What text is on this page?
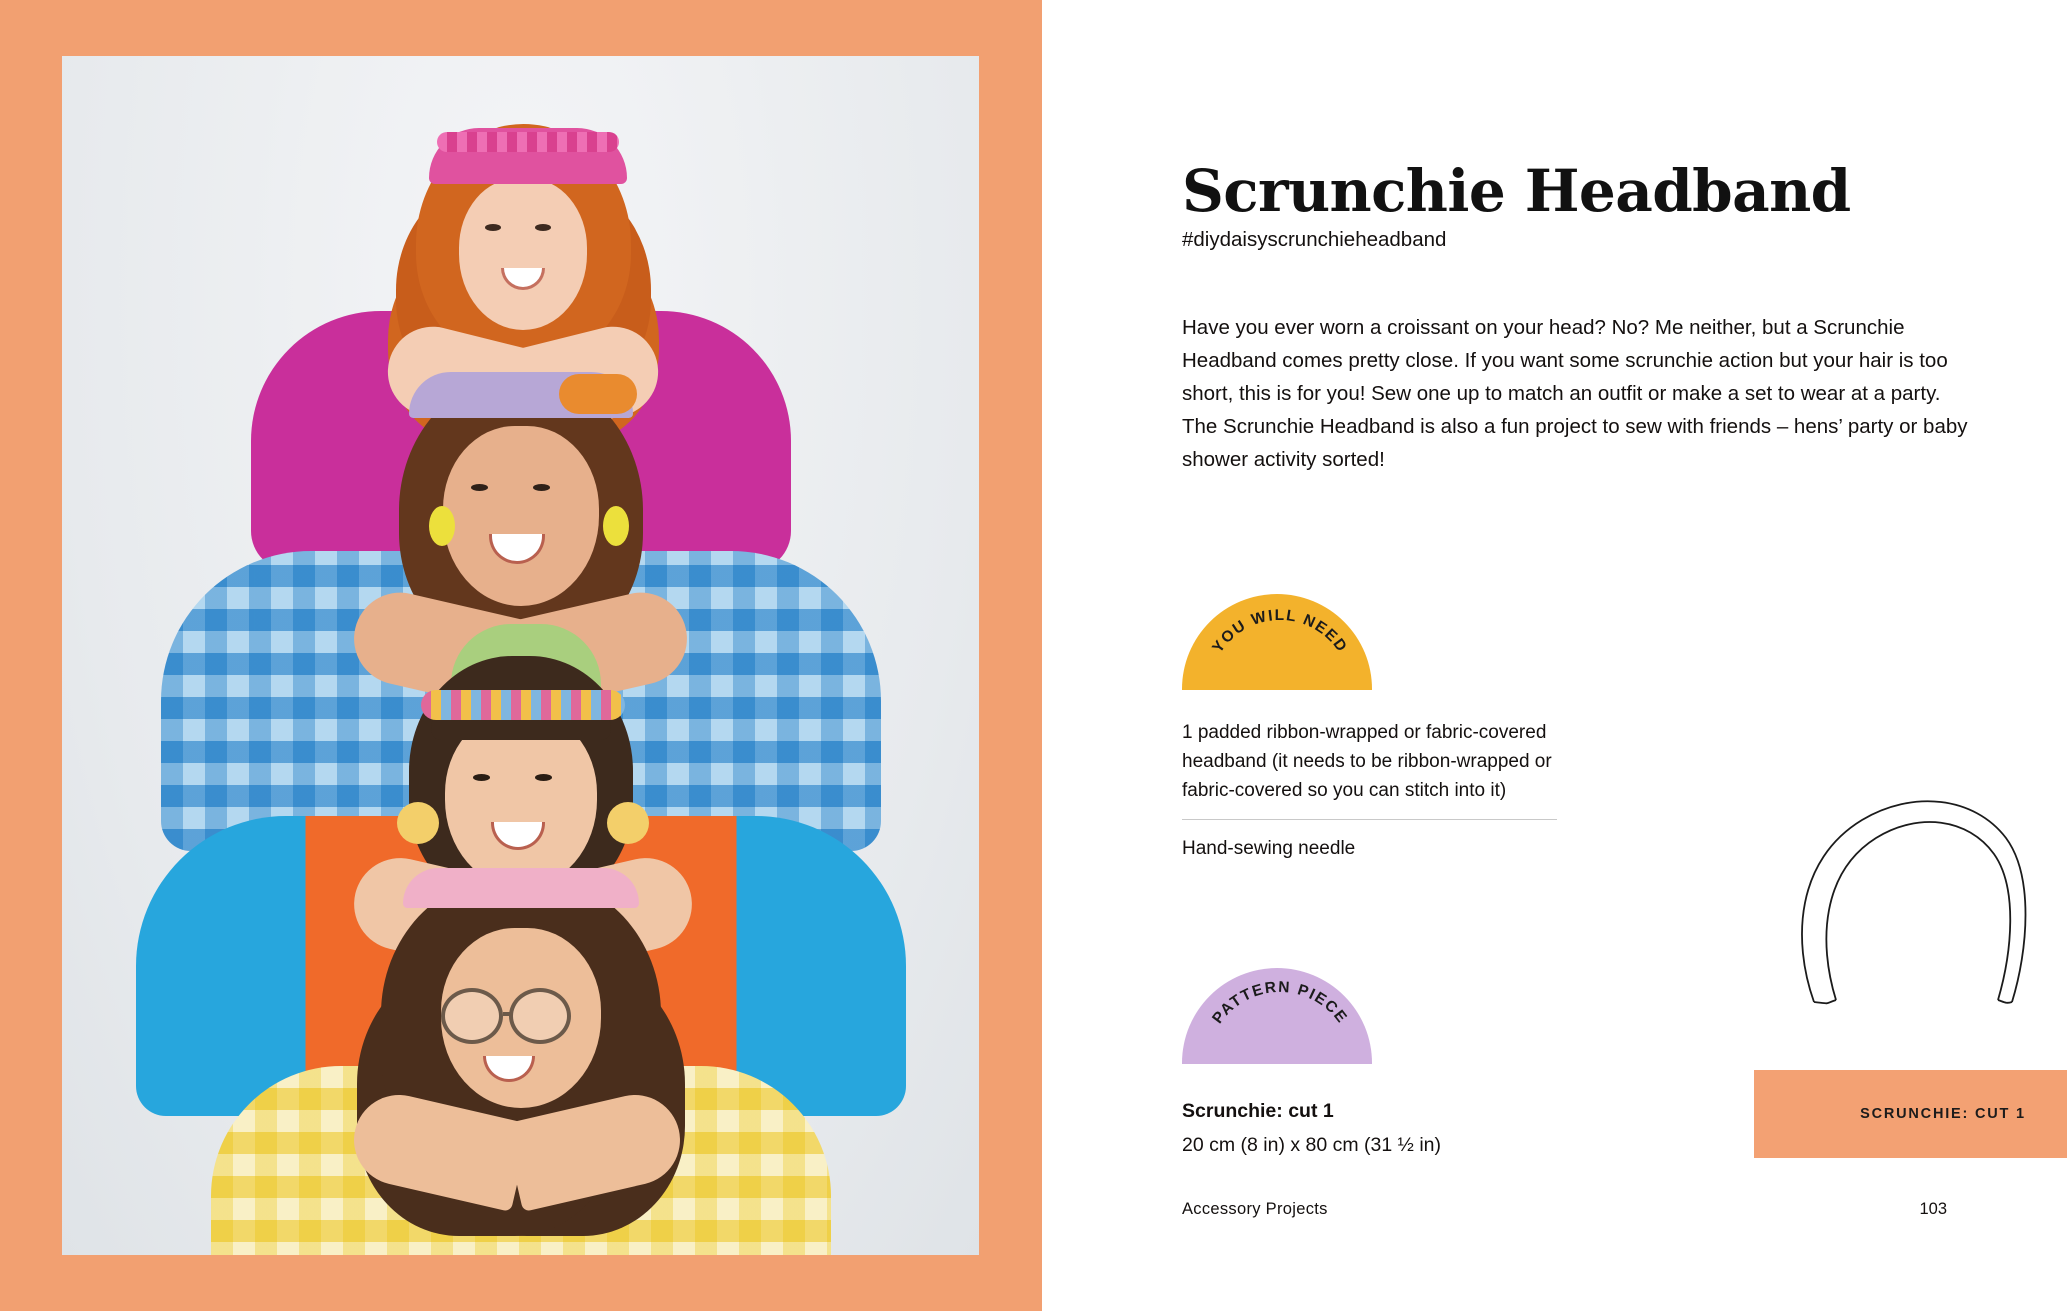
Scrunchie Headband
#diydaisyscrunchieheadband

Have you ever worn a croissant on your head? No? Me neither, but a Scrunchie Headband comes pretty close. If you want some scrunchie action but your hair is too short, this is for you! Sew one up to match an outfit or make a set to wear at a party. The Scrunchie Headband is also a fun project to sew with friends – hens’ party or baby shower activity sorted!

YOU WILL NEED
1 padded ribbon-wrapped or fabric-covered headband (it needs to be ribbon-wrapped or fabric-covered so you can stitch into it)
Hand-sewing needle
PATTERN PIECE
Scrunchie: cut 1
20 cm (8 in) x 80 cm (31 ½ in)
SCRUNCHIE: CUT 1
Accessory Projects	103
